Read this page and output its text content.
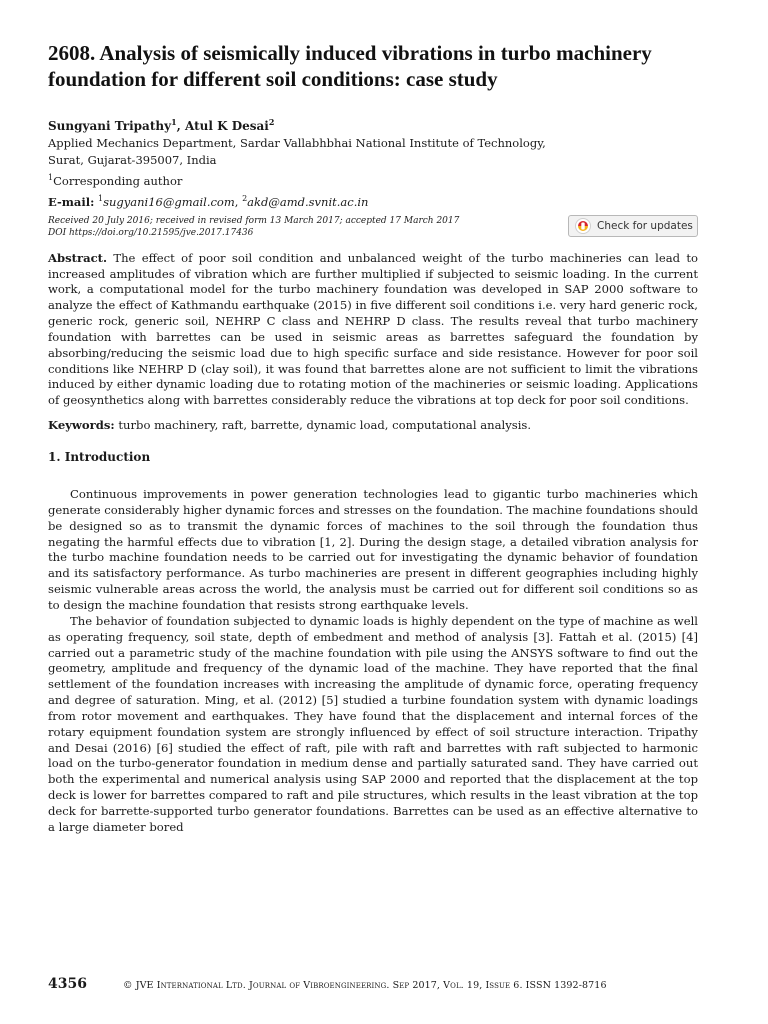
2608. Analysis of seismically induced vibrations in turbo machinery foundation for different soil conditions: case study
Sungyani Tripathy$^1$, Atul K Desai$^2$
Applied Mechanics Department, Sardar Vallabhbhai National Institute of Technology,
Surat, Gujarat-395007, India
$^1$Corresponding author
E-mail: $^1$sugyani16@gmail.com, $^2$akd@amd.svnit.ac.in
Received 20 July 2016; received in revised form 13 March 2017; accepted 17 March 2017
DOI https://doi.org/10.21595/jve.2017.17436
Check for updates
Abstract. The effect of poor soil condition and unbalanced weight of the turbo machineries can lead to increased amplitudes of vibration which are further multiplied if subjected to seismic loading. In the current work, a computational model for the turbo machinery foundation was developed in SAP 2000 software to analyze the effect of Kathmandu earthquake (2015) in five different soil conditions i.e. very hard generic rock, generic rock, generic soil, NEHRP C class and NEHRP D class. The results reveal that turbo machinery foundation with barrettes can be used in seismic areas as barrettes safeguard the foundation by absorbing/reducing the seismic load due to high specific surface and side resistance. However for poor soil conditions like NEHRP D (clay soil), it was found that barrettes alone are not sufficient to limit the vibrations induced by either dynamic loading due to rotating motion of the machineries or seismic loading. Applications of geosynthetics along with barrettes considerably reduce the vibrations at top deck for poor soil conditions.
Keywords: turbo machinery, raft, barrette, dynamic load, computational analysis.
1. Introduction

Continuous improvements in power generation technologies lead to gigantic turbo machineries which generate considerably higher dynamic forces and stresses on the foundation. The machine foundations should be designed so as to transmit the dynamic forces of machines to the soil through the foundation thus negating the harmful effects due to vibration [1, 2]. During the design stage, a detailed vibration analysis for the turbo machine foundation needs to be carried out for investigating the dynamic behavior of foundation and its satisfactory performance. As turbo machineries are present in different geographies including highly seismic vulnerable areas across the world, the analysis must be carried out for different soil conditions so as to design the machine foundation that resists strong earthquake levels.

The behavior of foundation subjected to dynamic loads is highly dependent on the type of machine as well as operating frequency, soil state, depth of embedment and method of analysis [3]. Fattah et al. (2015) [4] carried out a parametric study of the machine foundation with pile using the ANSYS software to find out the geometry, amplitude and frequency of the dynamic load of the machine. They have reported that the final settlement of the foundation increases with increasing the amplitude of dynamic force, operating frequency and degree of saturation. Ming, et al. (2012) [5] studied a turbine foundation system with dynamic loadings from rotor movement and earthquakes. They have found that the displacement and internal forces of the rotary equipment foundation system are strongly influenced by effect of soil structure interaction. Tripathy and Desai (2016) [6] studied the effect of raft, pile with raft and barrettes with raft subjected to harmonic load on the turbo-generator foundation in medium dense and partially saturated sand. They have carried out both the experimental and numerical analysis using SAP 2000 and reported that the displacement at the top deck is lower for barrettes compared to raft and pile structures, which results in the least vibration at the top deck for barrette-supported turbo generator foundations. Barrettes can be used as an effective alternative to a large diameter bored

4356	© JVE International Ltd. Journal of Vibroengineering. Sep 2017, Vol. 19, Issue 6. ISSN 1392-8716
